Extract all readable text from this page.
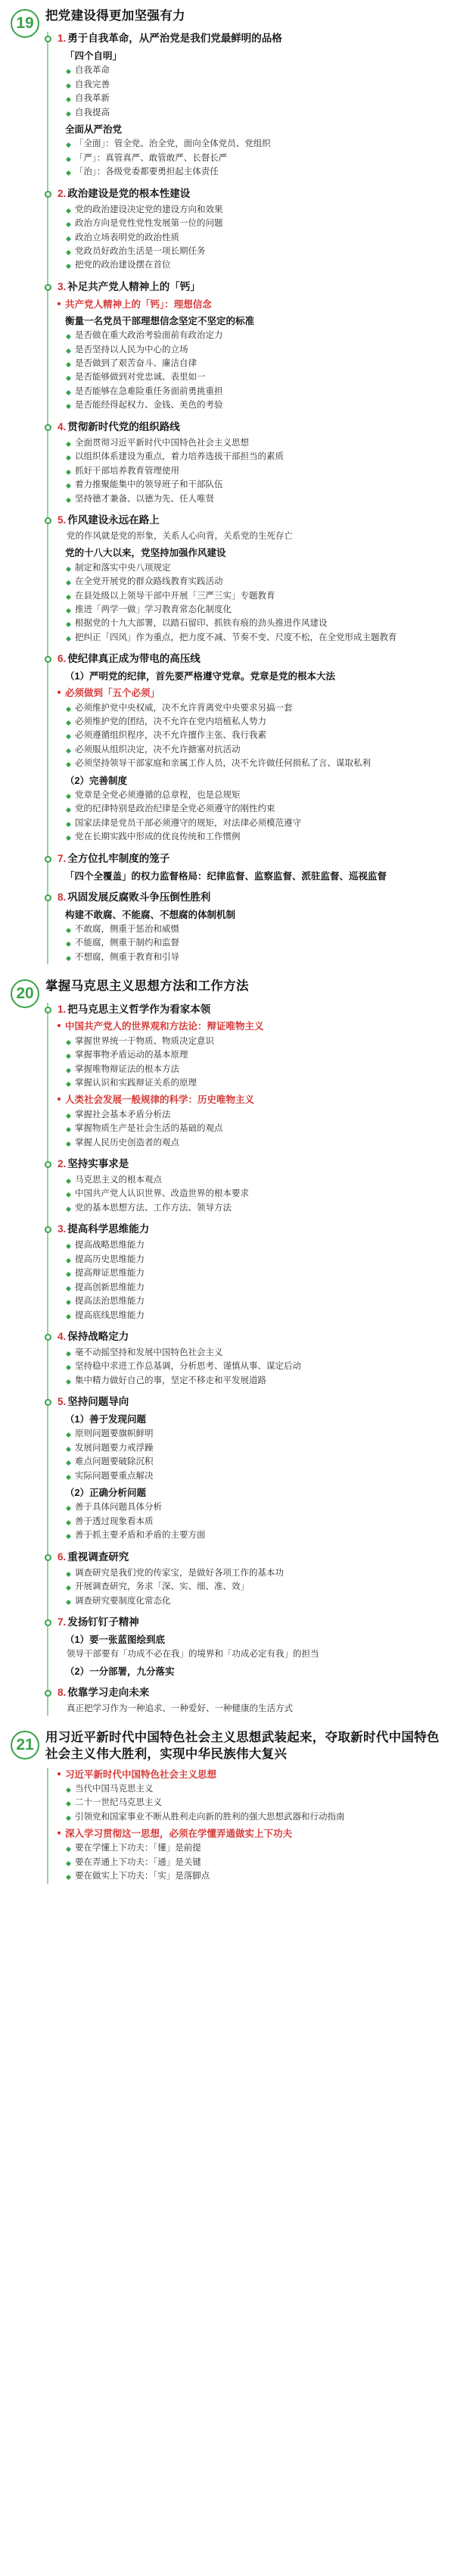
19 把党建设得更加坚强有力
1. 勇于自我革命，从严治党是我们党最鲜明的品格
「四个自明」
自我革命
自我完善
自我革新
自我提高
全面从严治党
「全面」：管全党、治全党，面向全体党员、党组织
「严」：真管真严、敢管敢严、长督长严
「治」：各级党委都要勇担起主体责任
2. 政治建设是党的根本性建设
党的政治建设决定党的建设方向和效果
政治方向是党性党性发展第一位的问题
政治立场表明党的政治性质
党政员好政治生活是一项长期任务
把党的政治建设摆在首位
3. 补足共产党人精神上的「钙」
共产党人精神上的「钙」：理想信念
衡量一名党员干部理想信念坚定不坚定的标准
是否做在重大政治考验面前有政治定力
是否坚持以人民为中心的立场
是否做到了艰苦奋斗、廉洁自律
是否能够做到对党忠诚、表里如一
是否能够在急难险重任务面前勇挑重担
是否能经得起权力、金钱、美色的考验
4. 贯彻新时代党的组织路线
全面贯彻习近平新时代中国特色社会主义思想
以组织体系建设为重点，着力培养选拔干部担当的素质
抓好干部培养教育管理使用
着力推聚能集中的领导班子和干部队伍
坚持德才兼备、以德为先、任人唯贤
5. 作风建设永远在路上
党的作风就是党的形象，关系人心向背，关系党的生死存亡
党的十八大以来，党坚持加强作风建设
制定和落实中央八项规定
在全党开展党的群众路线教育实践活动
在县处级以上领导干部中开展「三严三实」专题教育
推进「两学一做」学习教育常态化制度化
根据党的十九大部署，以踏石留印、抓铁有痕的劲头推进作风建设
把纠正「四风」作为重点，把力度不减、节奏不变、尺度不松，在全党形成主题教育
6. 使纪律真正成为带电的高压线
（1）严明党的纪律，首先要严格遵守党章。党章是党的根本大法
必须做到「五个必须」
必须维护党中央权威，决不允许背离党中央要求另搞一套
必须维护党的团结，决不允许在党内培植私人势力
必须遵循组织程序，决不允许擅作主张、我行我素
必须服从组织决定，决不允许搪塞对抗活动
必须坚持领导干部家庭和亲属工作人员，决不允许做任何损私了言、谋取私利
（2）完善制度
党章是全党必须遵循的总章程，也是总规矩
党的纪律特别是政治纪律是全党必须遵守的刚性约束
国家法律是党员干部必须遵守的规矩，对法律必须模范遵守
党在长期实践中形成的优良传统和工作惯例
7. 全方位扎牢制度的笼子
「四个全覆盖」的权力监督格局：纪律监督、监察监督、派驻监督、巡视监督
8. 巩固发展反腐败斗争压倒性胜利
构建不敢腐、不能腐、不想腐的体制机制
不敢腐，侧重于惩治和威慑
不能腐，侧重于制约和监督
不想腐，侧重于教育和引导
20 掌握马克思主义思想方法和工作方法
1. 把马克思主义哲学作为看家本领
中国共产党人的世界观和方法论：辩证唯物主义
掌握世界统一于物质、物质决定意识
掌握事物矛盾运动的基本原理
掌握唯物辩证法的根本方法
掌握认识和实践辩证关系的原理
人类社会发展一般规律的科学：历史唯物主义
掌握社会基本矛盾分析法
掌握物质生产是社会生活的基础的观点
掌握人民历史创造者的观点
2. 坚持实事求是
马克思主义的根本观点
中国共产党人认识世界、改造世界的根本要求
党的基本思想方法、工作方法、领导方法
3. 提高科学思维能力
提高战略思维能力
提高历史思维能力
提高辩证思维能力
提高创新思维能力
提高法治思维能力
提高底线思维能力
4. 保持战略定力
毫不动摇坚持和发展中国特色社会主义
坚持稳中求进工作总基调，分析思考、谨慎从事、谋定后动
集中精力做好自己的事，坚定不移走和平发展道路
5. 坚持问题导向
（1）善于发现问题
原则问题要旗帜鲜明
发展问题要力戒浮躁
难点问题要破除沉积
实际问题要重点解决
（2）正确分析问题
善于具体问题具体分析
善于透过现象看本质
善于抓主要矛盾和矛盾的主要方面
6. 重视调查研究
调查研究是我们党的传家宝，是做好各项工作的基本功
开展调查研究，务求「深、实、细、准、效」
调查研究要制度化常态化
7. 发扬钉钉子精神
（1）要一张蓝图绘到底
领导干部要有「功成不必在我」的境界和「功成必定有我」的担当
（2）一分部署，九分落实
8. 依靠学习走向未来
真正把学习作为一种追求、一种爱好、一种健康的生活方式
21 用习近平新时代中国特色社会主义思想武装起来，夺取新时代中国特色社会主义伟大胜利，实现中华民族伟大复兴
习近平新时代中国特色社会主义思想
当代中国马克思主义
二十一世纪马克思主义
引领党和国家事业不断从胜利走向新的胜利的强大思想武器和行动指南
深入学习贯彻这一思想，必须在学懂弄通做实上下功夫
要在学懂上下功夫：「懂」是前提
要在弄通上下功夫：「通」是关键
要在做实上下功夫：「实」是落脚点
